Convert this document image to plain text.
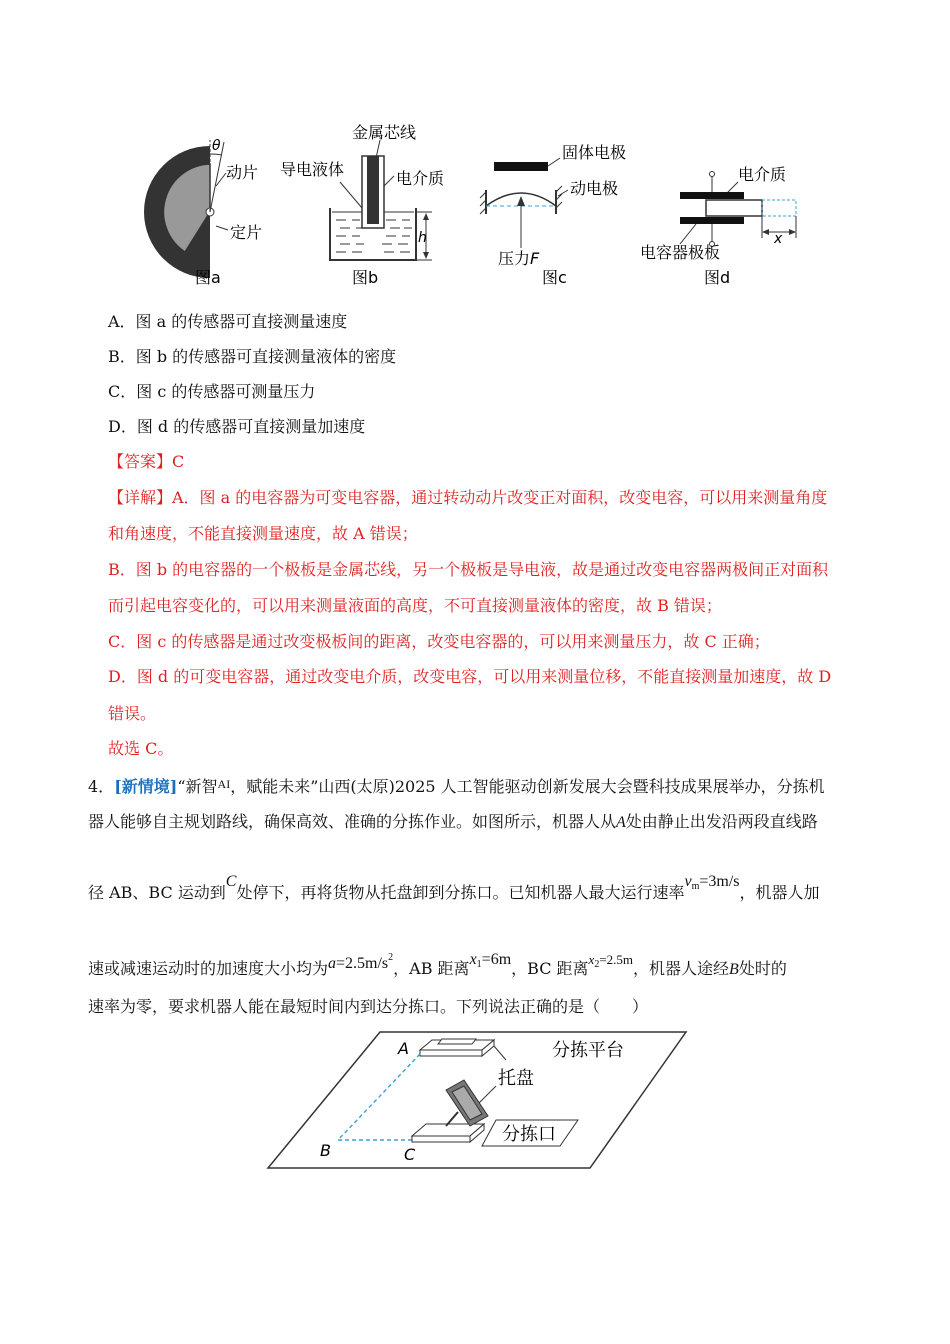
θ
动片
定片
图a
金属芯线
导电液体	电介质
h
图b
固体电极
动电极
压力F
图c
电介质
x
电容器极板
图d
A．图 a 的传感器可直接测量速度
B．图 b 的传感器可直接测量液体的密度
C．图 c 的传感器可测量压力
D．图 d 的传感器可直接测量加速度
【答案】C
【详解】A．图 a 的电容器为可变电容器，通过转动动片改变正对面积，改变电容，可以用来测量角度
和角速度，不能直接测量速度，故 A 错误；
B．图 b 的电容器的一个极板是金属芯线，另一个极板是导电液，故是通过改变电容器两极间正对面积
而引起电容变化的，可以用来测量液面的高度，不可直接测量液体的密度，故 B 错误；
C．图 c 的传感器是通过改变极板间的距离，改变电容器的，可以用来测量压力，故 C 正确；
D．图 d 的可变电容器，通过改变电介质，改变电容，可以用来测量位移，不能直接测量加速度，故 D
错误。
故选 C。
4．[新情境]“新智$^{AI}$，赋能未来”山西(太原)2025 人工智能驱动创新发展大会暨科技成果展举办，分拣机
器人能够自主规划路线，确保高效、准确的分拣作业。如图所示，机器人从A处由静止出发沿两段直线路
径 AB、BC 运动到C处停下，再将货物从托盘卸到分拣口。已知机器人最大运行速率$v_m=3m/s$，机器人加
速或减速运动时的加速度大小均为$a=2.5m/s^2$，AB 距离$x_1=6m$，BC 距离$x_2=2.5m$，机器人途经B处时的
速率为零，要求机器人能在最短时间内到达分拣口。下列说法正确的是（　　）
分拣平台
托盘
分拣口
A
B	C
